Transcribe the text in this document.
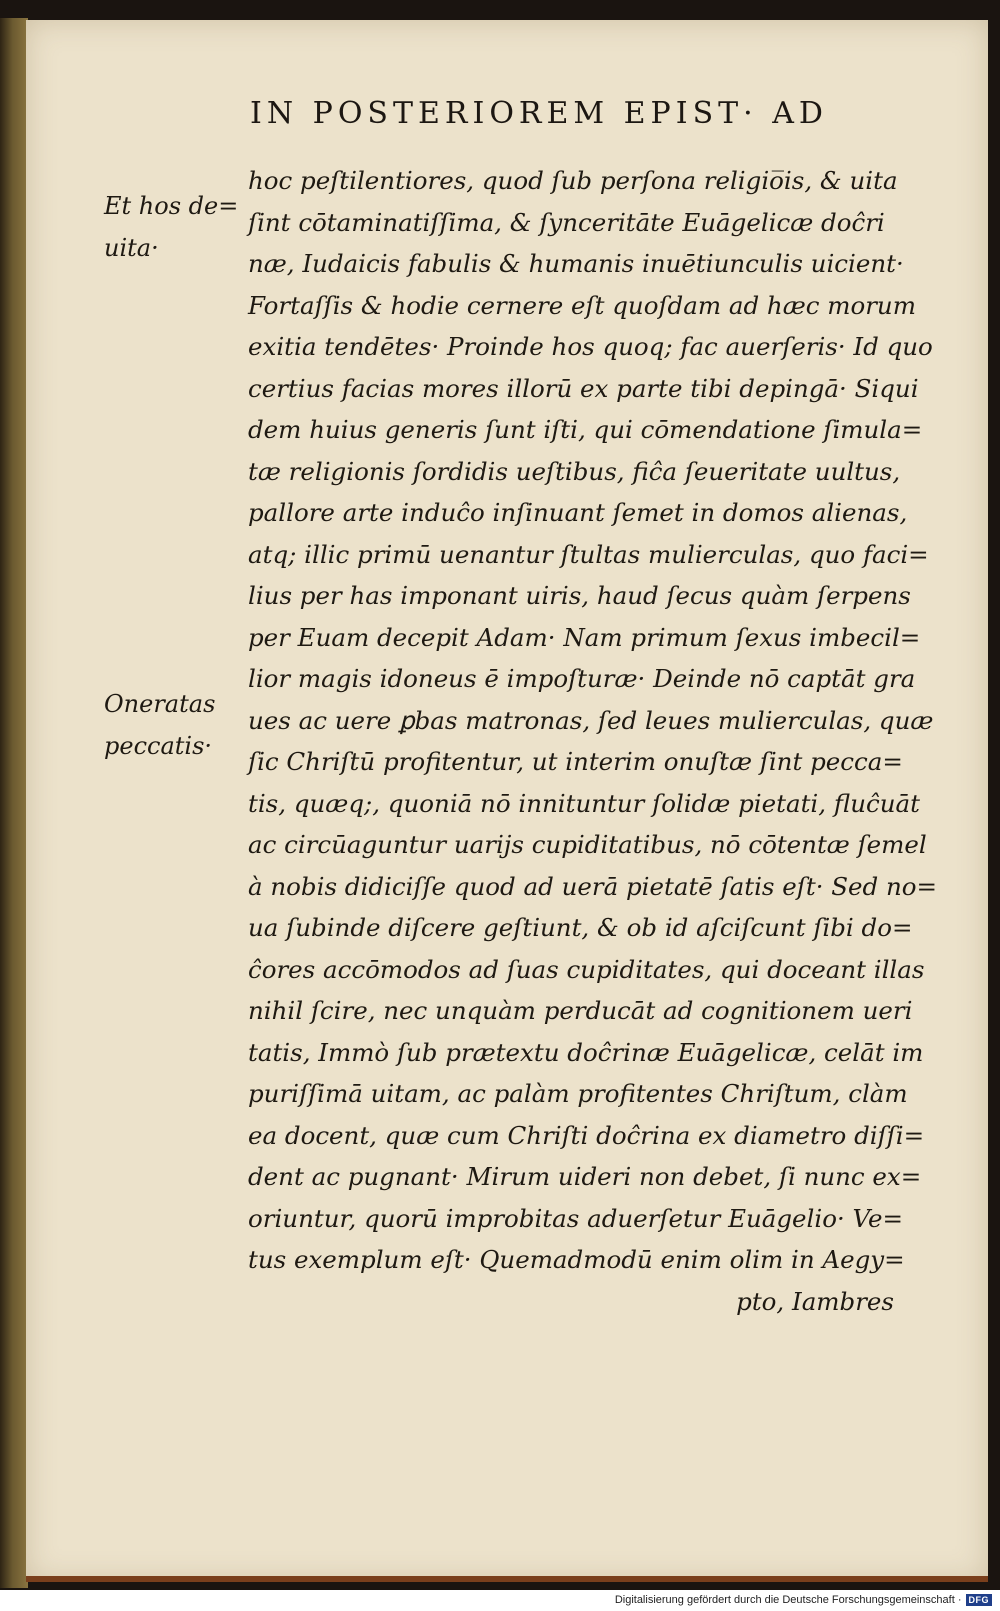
IN POSTERIOREM EPIST· AD
Et hos de=
uita·
Oneratas
peccatis·
hoc peſtilentiores, quod ſub perſona religio̅is, & uita
ſint cōtaminatiſſima, & ſynceritāte Euāgelicæ doĉri
næ, Iudaicis fabulis & humanis inuētiunculis uicient·
Fortaſſis & hodie cernere eſt quoſdam ad hæc morum
exitia tendētes· Proinde hos quoq; fac auerſeris· Id quo
certius facias mores illorū ex parte tibi depingā· Siqui
dem huius generis ſunt iſti, qui cōmendatione ſimula=
tæ religionis ſordidis ueſtibus, fiĉa ſeueritate uultus,
pallore arte induĉo inſinuant ſemet in domos alienas,
atq; illic primū uenantur ſtultas mulierculas, quo faci=
lius per has imponant uiris, haud ſecus quàm ſerpens
per Euam decepit Adam· Nam primum ſexus imbecil=
lior magis idoneus ē impoſturæ· Deinde nō captāt gra
ues ac uere ꝑbas matronas, ſed leues mulierculas, quæ
ſic Chriſtū profitentur, ut interim onuſtæ ſint pecca=
tis, quæq;, quoniā nō innituntur ſolidæ pietati, fluĉuāt
ac circūaguntur uarijs cupiditatibus, nō cōtentæ ſemel
à nobis didiciſſe quod ad uerā pietatē ſatis eſt· Sed no=
ua ſubinde diſcere geſtiunt, & ob id aſciſcunt ſibi do=
ĉores accōmodos ad ſuas cupiditates, qui doceant illas
nihil ſcire, nec unquàm perducāt ad cognitionem ueri
tatis, Immò ſub prætextu doĉrinæ Euāgelicæ, celāt im
puriſſimā uitam, ac palàm profitentes Chriſtum, clàm
ea docent, quæ cum Chriſti doĉrina ex diametro diſſi=
dent ac pugnant· Mirum uideri non debet, ſi nunc ex=
oriuntur, quorū improbitas aduerſetur Euāgelio· Ve=
tus exemplum eſt· Quemadmodū enim olim in Aegy=
pto, Iambres
Digitalisierung gefördert durch die Deutsche Forschungsgemeinschaft · DFG
